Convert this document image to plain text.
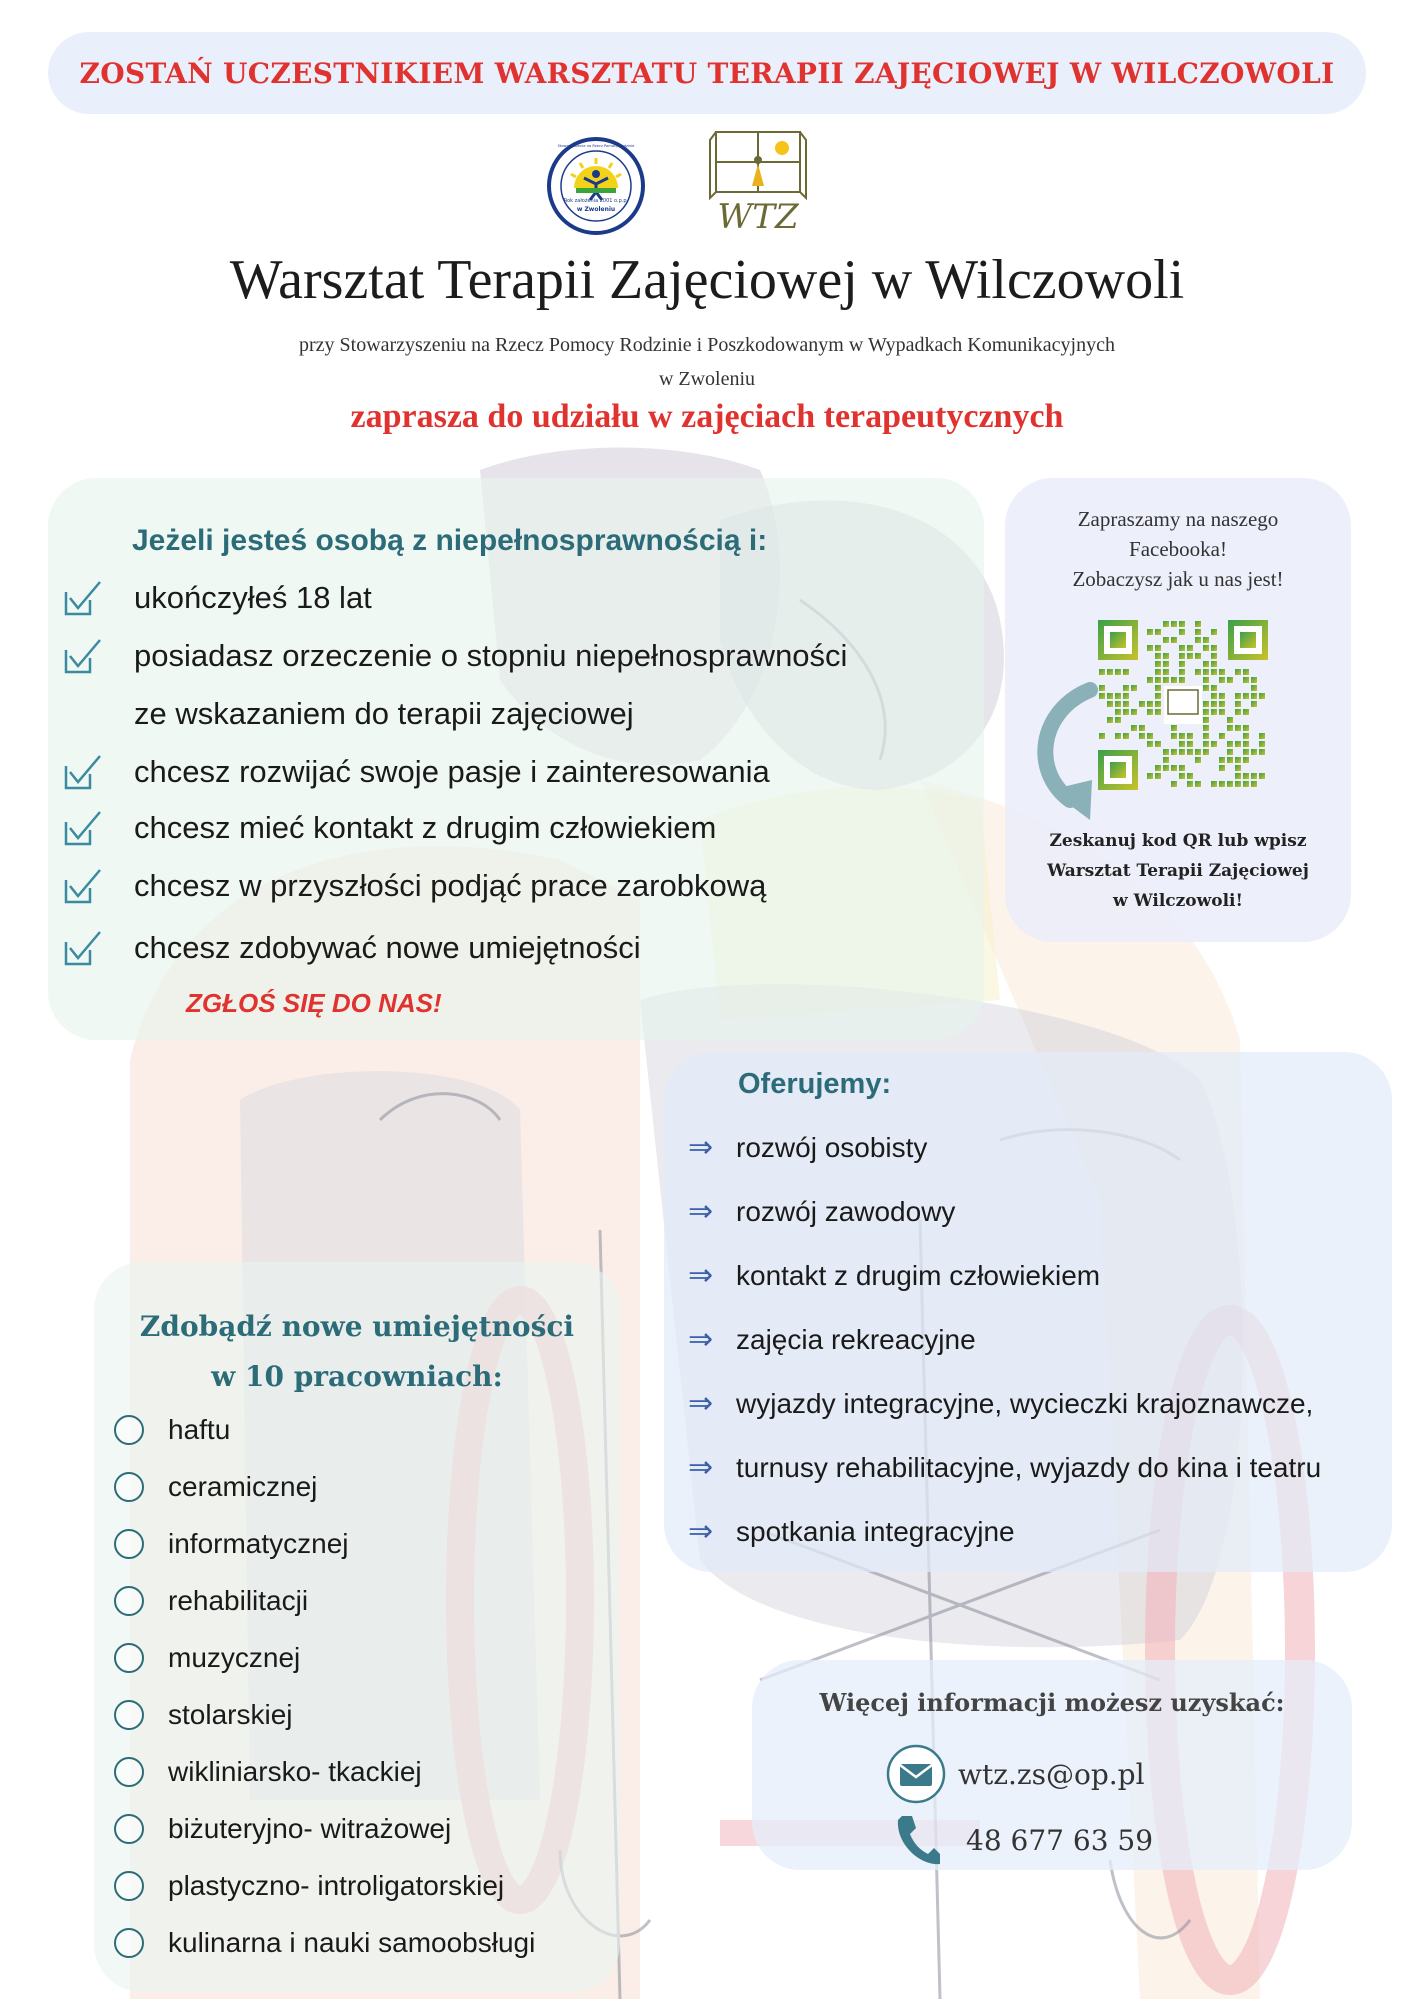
ZOSTAŃ UCZESTNIKIEM WARSZTATU TERAPII ZAJĘCIOWEJ W WILCZOWOLI
Rok założenia 2001 o.p.p.
w Zwoleniu
Stowarzyszenie na Rzecz Pomocy Rodzinie
WTZ
Warsztat Terapii Zajęciowej w Wilczowoli
przy Stowarzyszeniu na Rzecz Pomocy Rodzinie i Poszkodowanym w Wypadkach Komunikacyjnych
w Zwoleniu
zaprasza do udziału w zajęciach terapeutycznych
Jeżeli jesteś osobą z niepełnosprawnością i:
ukończyłeś 18 lat
posiadasz orzeczenie o stopniu niepełnosprawności
ze wskazaniem do terapii zajęciowej
chcesz rozwijać swoje pasje i zainteresowania
chcesz mieć kontakt z drugim człowiekiem
chcesz w przyszłości podjąć prace zarobkową
chcesz zdobywać nowe umiejętności
ZGŁOŚ SIĘ DO NAS!
Zapraszamy na naszego
Facebooka!
Zobaczysz jak u nas jest!
Zeskanuj kod QR lub wpisz
Warsztat Terapii Zajęciowej
w Wilczowoli!
Oferujemy:
⇒ rozwój osobisty
⇒ rozwój zawodowy
⇒ kontakt z drugim człowiekiem
⇒ zajęcia rekreacyjne
⇒ wyjazdy integracyjne, wycieczki krajoznawcze,
⇒ turnusy rehabilitacyjne, wyjazdy do kina i teatru
⇒ spotkania integracyjne
Zdobądź nowe umiejętności
w 10 pracowniach:
haftu
ceramicznej
informatycznej
rehabilitacji
muzycznej
stolarskiej
wikliniarsko- tkackiej
biżuteryjno- witrażowej
plastyczno- introligatorskiej
kulinarna i nauki samoobsługi
Więcej informacji możesz uzyskać:
wtz.zs@op.pl
48 677 63 59
